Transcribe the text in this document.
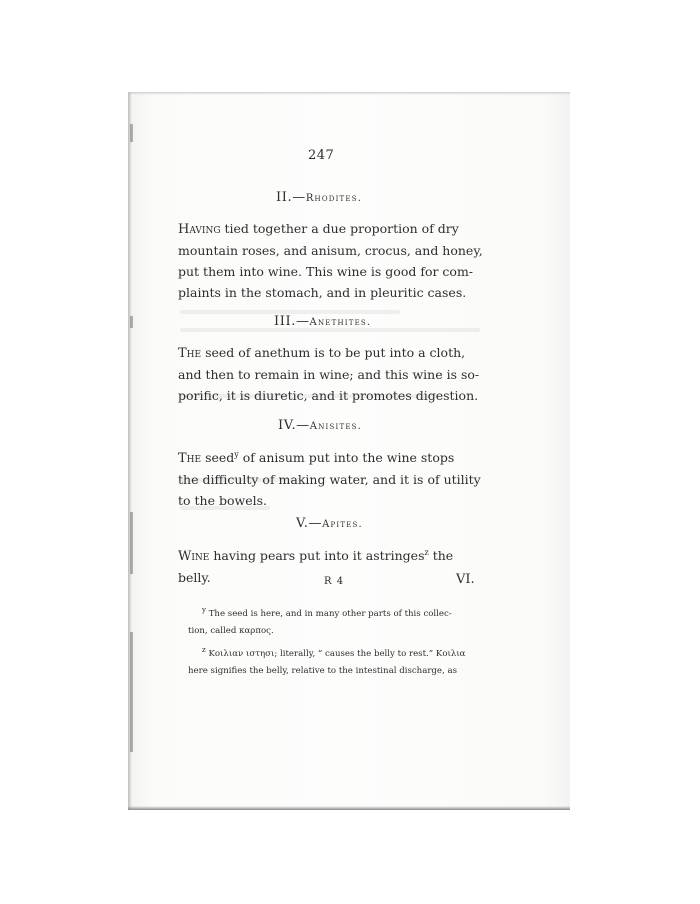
247

II.—Rhodites.

Having tied together a due proportion of dry
mountain roses, and anisum, crocus, and honey,
put them into wine. This wine is good for com-
plaints in the stomach, and in pleuritic cases.

III.—Anethites.

The seed of anethum is to be put into a cloth,
and then to remain in wine; and this wine is so-
porific, it is diuretic, and it promotes digestion.

IV.—Anisites.

The seed$^y$ of anisum put into the wine stops
the difficulty of making water, and it is of utility
to the bowels.

V.—Apites.

Wine having pears put into it astringes$^z$ the
belly.	R 4	VI.

$^y$ The seed is here, and in many other parts of this collec-
tion, called καρπος.

$^z$ Κοιλιαν ιστησι; literally, “ causes the belly to rest.” Κοιλια
here signifies the belly, relative to the intestinal discharge, as
